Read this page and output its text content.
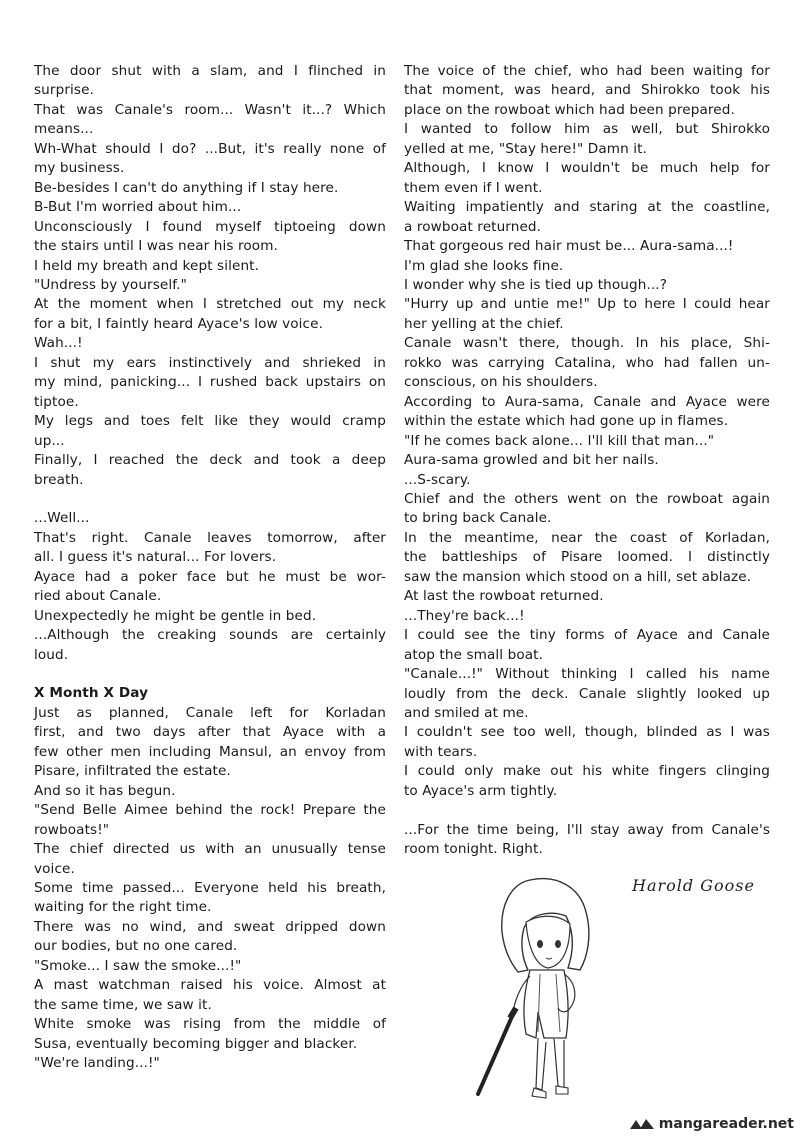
The door shut with a slam, and I flinched in

surprise.

That was Canale's room... Wasn't it...? Which

means...

Wh-What should I do? ...But, it's really none of

my business.

Be-besides I can't do anything if I stay here.

B-But I'm worried about him...

Unconsciously I found myself tiptoeing down

the stairs until I was near his room.

I held my breath and kept silent.

"Undress by yourself."

At the moment when I stretched out my neck

for a bit, I faintly heard Ayace's low voice.

Wah...!

I shut my ears instinctively and shrieked in

my mind, panicking... I rushed back upstairs on

tiptoe.

My legs and toes felt like they would cramp

up...

Finally, I reached the deck and took a deep

breath.

...Well...

That's right. Canale leaves tomorrow, after

all. I guess it's natural... For lovers.

Ayace had a poker face but he must be wor-

ried about Canale.

Unexpectedly he might be gentle in bed.

...Although the creaking sounds are certainly

loud.

X Month X Day

Just as planned, Canale left for Korladan

first, and two days after that Ayace with a

few other men including Mansul, an envoy from

Pisare, infiltrated the estate.

And so it has begun.

"Send Belle Aimee behind the rock! Prepare the

rowboats!"

The chief directed us with an unusually tense

voice.

Some time passed... Everyone held his breath,

waiting for the right time.

There was no wind, and sweat dripped down

our bodies, but no one cared.

"Smoke... I saw the smoke...!"

A mast watchman raised his voice. Almost at

the same time, we saw it.

White smoke was rising from the middle of

Susa, eventually becoming bigger and blacker.

"We're landing...!"

The voice of the chief, who had been waiting for

that moment, was heard, and Shirokko took his

place on the rowboat which had been prepared.

I wanted to follow him as well, but Shirokko

yelled at me, "Stay here!" Damn it.

Although, I know I wouldn't be much help for

them even if I went.

Waiting impatiently and staring at the coastline,

a rowboat returned.

That gorgeous red hair must be... Aura-sama...!

I'm glad she looks fine.

I wonder why she is tied up though...?

"Hurry up and untie me!" Up to here I could hear

her yelling at the chief.

Canale wasn't there, though. In his place, Shi-

rokko was carrying Catalina, who had fallen un-

conscious, on his shoulders.

According to Aura-sama, Canale and Ayace were

within the estate which had gone up in flames.

"If he comes back alone... I'll kill that man..."

Aura-sama growled and bit her nails.

...S-scary.

Chief and the others went on the rowboat again

to bring back Canale.

In the meantime, near the coast of Korladan,

the battleships of Pisare loomed. I distinctly

saw the mansion which stood on a hill, set ablaze.

At last the rowboat returned.

...They're back...!

I could see the tiny forms of Ayace and Canale

atop the small boat.

"Canale...!" Without thinking I called his name

loudly from the deck. Canale slightly looked up

and smiled at me.

I couldn't see too well, though, blinded as I was

with tears.

I could only make out his white fingers clinging

to Ayace's arm tightly.

...For the time being, I'll stay away from Canale's

room tonight. Right.

Harold Goose
mangareader.net
